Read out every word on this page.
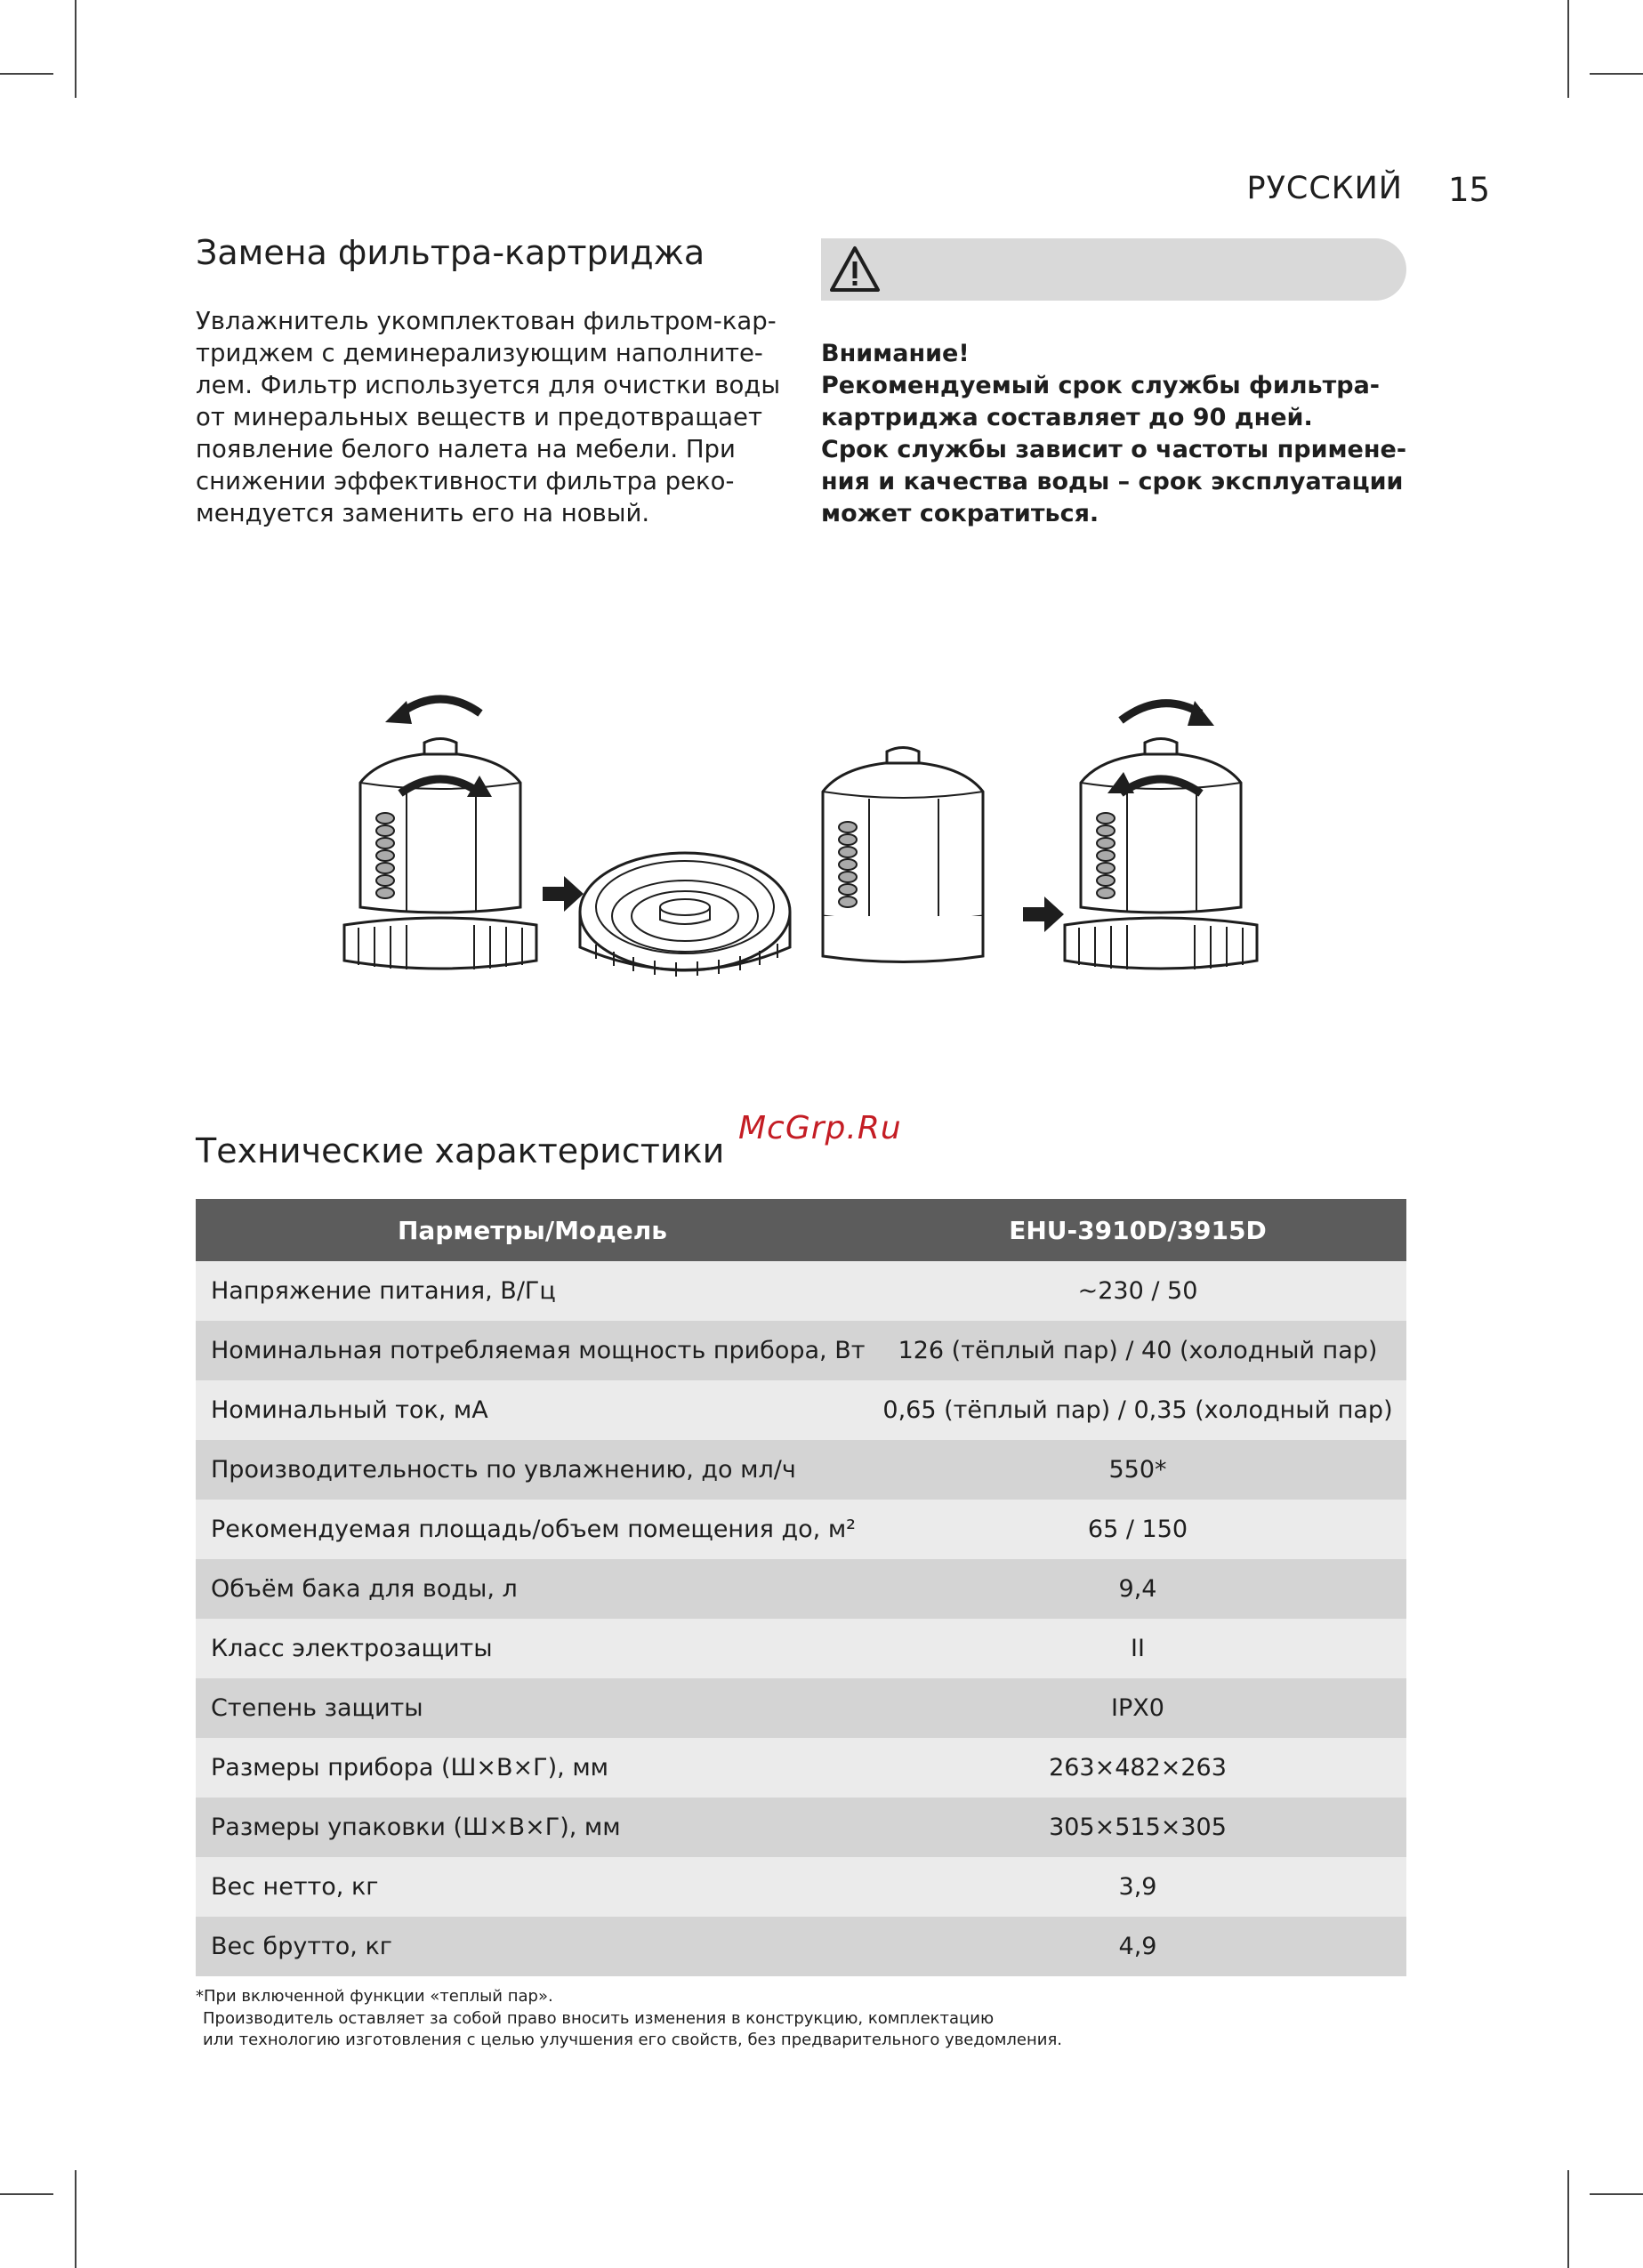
РУССКИЙ 15
Замена фильтра-картриджа
Увлажнитель укомплектован фильтром-кар-
триджем с деминерализующим наполните-
лем. Фильтр используется для очистки воды
от минеральных веществ и предотвращает
появление белого налета на мебели. При
снижении эффективности фильтра реко-
мендуется заменить его на новый.
Внимание!
Рекомендуемый срок службы фильтра-
картриджа составляет до 90 дней.
Срок службы зависит о частоты примене-
ния и качества воды – срок эксплуатации
может сократиться.
Технические характеристики
McGrp.Ru
Парметры/Модель	EHU-3910D/3915D
Напряжение питания, В/Гц	~230 / 50
Номинальная потребляемая мощность прибора, Вт	126 (тёплый пар) / 40 (холодный пар)
Номинальный ток, мА	0,65 (тёплый пар) / 0,35 (холодный пар)
Производительность по увлажнению, до мл/ч	550*
Рекомендуемая площадь/объем помещения до, м²	65 / 150
Объём бака для воды, л	9,4
Класс электрозащиты	II
Степень защиты	IPX0
Размеры прибора (Ш×В×Г), мм	263×482×263
Размеры упаковки (Ш×В×Г), мм	305×515×305
Вес нетто, кг	3,9
Вес брутто, кг	4,9
*При включенной функции «теплый пар».
Производитель оставляет за собой право вносить изменения в конструкцию, комплектацию
или технологию изготовления с целью улучшения его свойств, без предварительного уведомления.
